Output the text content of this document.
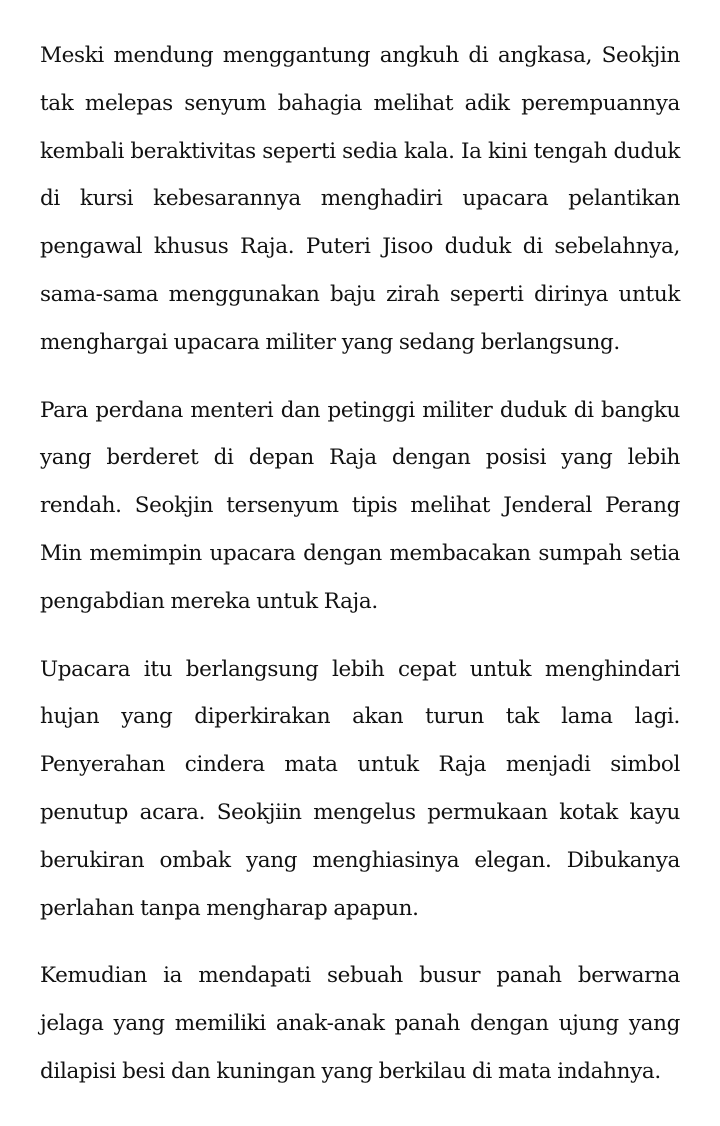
Meski mendung menggantung angkuh di angkasa, Seokjin tak melepas senyum bahagia melihat adik perempuannya kembali beraktivitas seperti sedia kala. Ia kini tengah duduk di kursi kebesarannya menghadiri upacara pelantikan pengawal khusus Raja. Puteri Jisoo duduk di sebelahnya, sama-sama menggunakan baju zirah seperti dirinya untuk menghargai upacara militer yang sedang berlangsung.

Para perdana menteri dan petinggi militer duduk di bangku yang berderet di depan Raja dengan posisi yang lebih rendah. Seokjin tersenyum tipis melihat Jenderal Perang Min memimpin upacara dengan membacakan sumpah setia pengabdian mereka untuk Raja.

Upacara itu berlangsung lebih cepat untuk menghindari hujan yang diperkirakan akan turun tak lama lagi. Penyerahan cindera mata untuk Raja menjadi simbol penutup acara. Seokjiin mengelus permukaan kotak kayu berukiran ombak yang menghiasinya elegan. Dibukanya perlahan tanpa mengharap apapun.

Kemudian ia mendapati sebuah busur panah berwarna jelaga yang memiliki anak-anak panah dengan ujung yang dilapisi besi dan kuningan yang berkilau di mata indahnya.
